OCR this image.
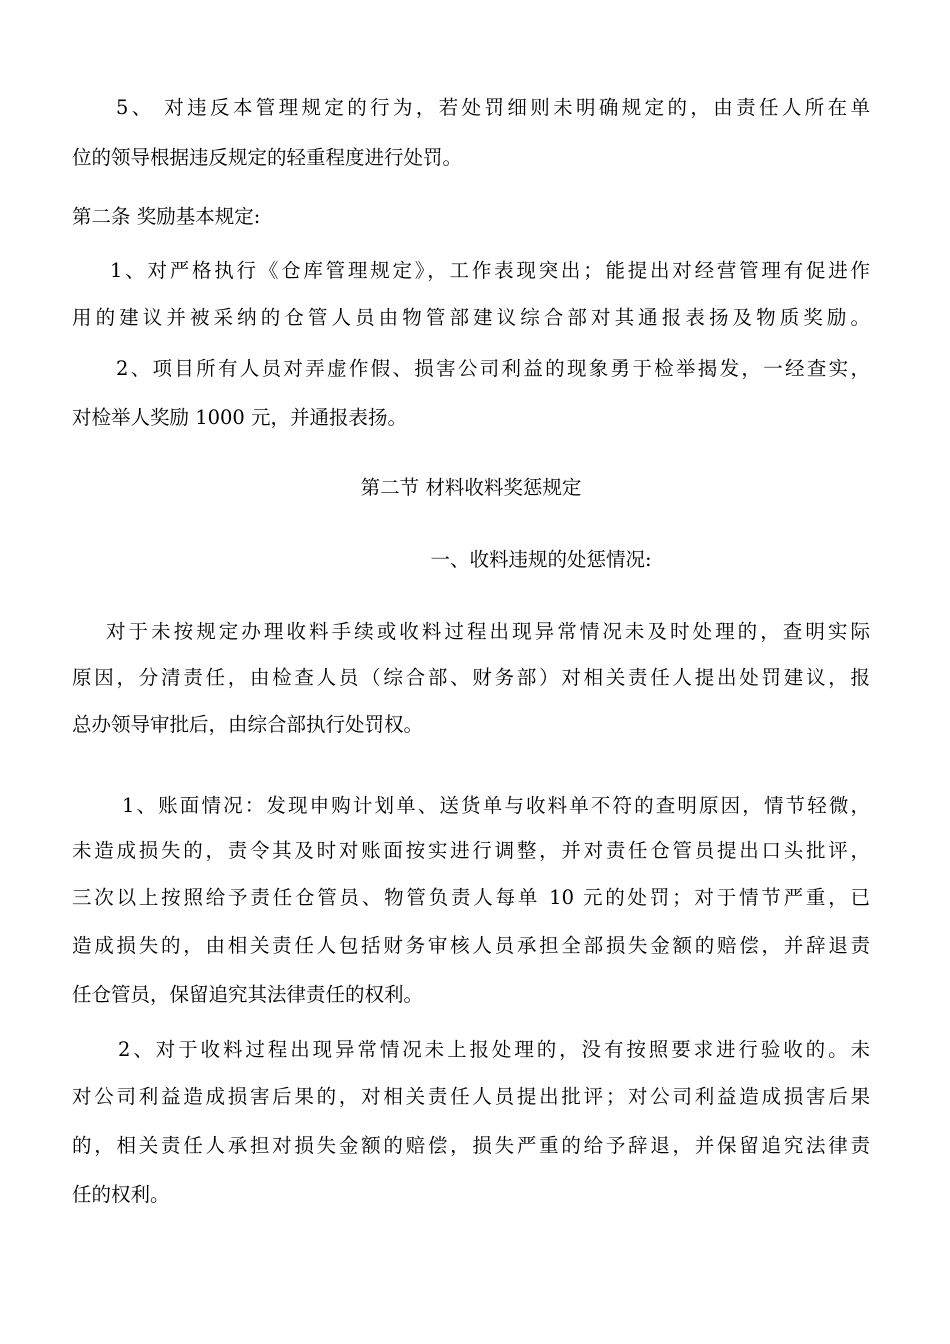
5、 对违反本管理规定的行为，若处罚细则未明确规定的，由责任人所在单
位的领导根据违反规定的轻重程度进行处罚。
第二条 奖励基本规定:
1、对严格执行《仓库管理规定》，工作表现突出；能提出对经营管理有促进作
用的建议并被采纳的仓管人员由物管部建议综合部对其通报表扬及物质奖励。
2、项目所有人员对弄虚作假、损害公司利益的现象勇于检举揭发，一经查实，
对检举人奖励 1000 元，并通报表扬。
第二节 材料收料奖惩规定
一、收料违规的处惩情况:
对于未按规定办理收料手续或收料过程出现异常情况未及时处理的，查明实际
原因，分清责任，由检查人员（综合部、财务部）对相关责任人提出处罚建议，报
总办领导审批后，由综合部执行处罚权。
1、账面情况：发现申购计划单、送货单与收料单不符的查明原因，情节轻微，
未造成损失的，责令其及时对账面按实进行调整，并对责任仓管员提出口头批评，
三次以上按照给予责任仓管员、物管负责人每单 10 元的处罚；对于情节严重，已
造成损失的，由相关责任人包括财务审核人员承担全部损失金额的赔偿，并辞退责
任仓管员，保留追究其法律责任的权利。
2、对于收料过程出现异常情况未上报处理的，没有按照要求进行验收的。未
对公司利益造成损害后果的，对相关责任人员提出批评；对公司利益造成损害后果
的，相关责任人承担对损失金额的赔偿，损失严重的给予辞退，并保留追究法律责
任的权利。
